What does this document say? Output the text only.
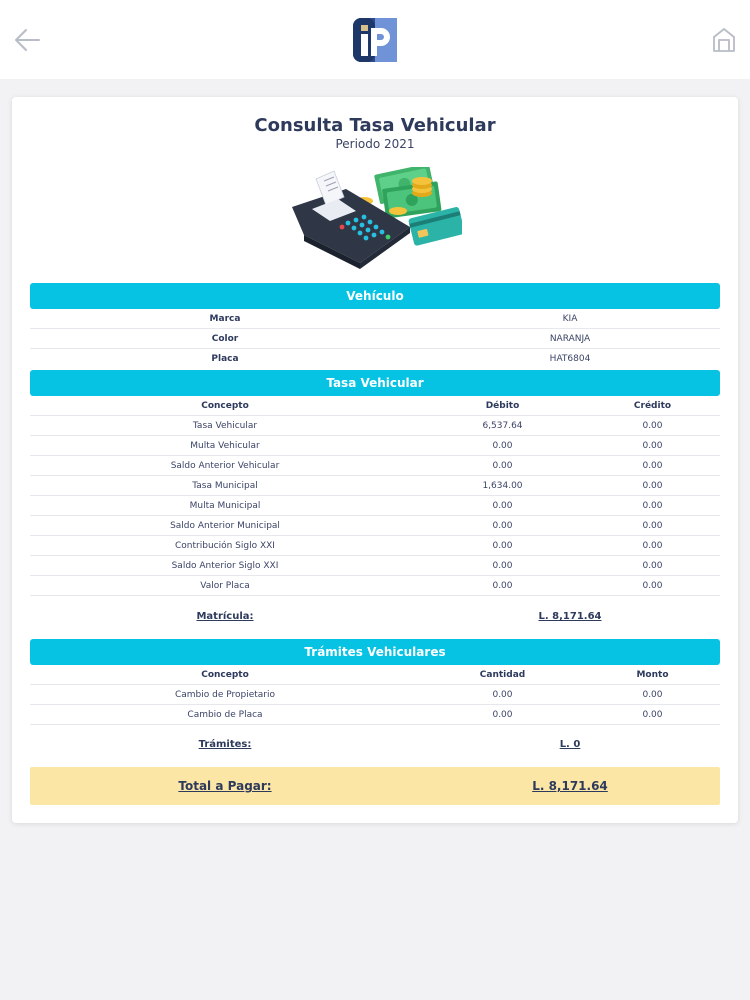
Consulta Tasa Vehicular
Periodo 2021
Vehículo
Marca	KIA
Color	NARANJA
Placa	HAT6804
Tasa Vehicular
Concepto	Débito	Crédito
Tasa Vehicular	6,537.64	0.00
Multa Vehicular	0.00	0.00
Saldo Anterior Vehicular	0.00	0.00
Tasa Municipal	1,634.00	0.00
Multa Municipal	0.00	0.00
Saldo Anterior Municipal	0.00	0.00
Contribución Siglo XXI	0.00	0.00
Saldo Anterior Siglo XXI	0.00	0.00
Valor Placa	0.00	0.00
Matrícula:	L. 8,171.64
Trámites Vehiculares
Concepto	Cantidad	Monto
Cambio de Propietario	0.00	0.00
Cambio de Placa	0.00	0.00
Trámites:	L. 0
Total a Pagar:	L. 8,171.64
